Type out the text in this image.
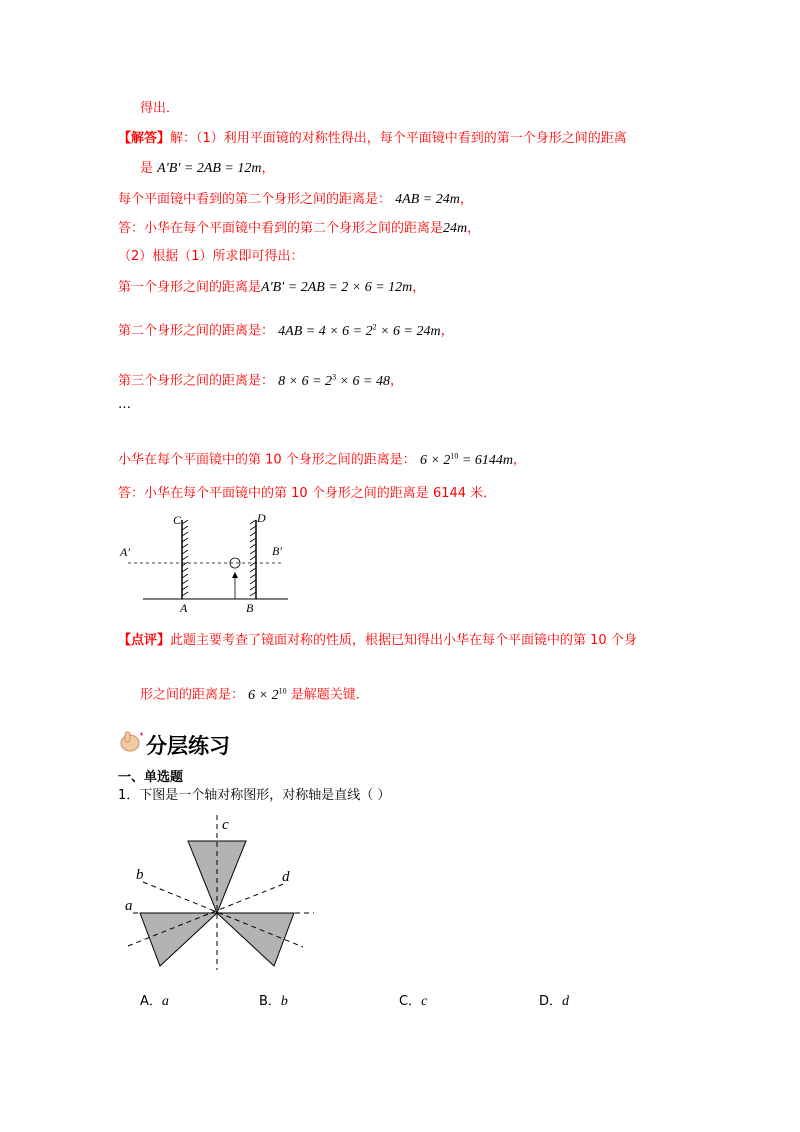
得出．
【解答】解：（1）利用平面镜的对称性得出，每个平面镜中看到的第一个身形之间的距离
是 A′B′ = 2AB = 12m，
每个平面镜中看到的第二个身形之间的距离是： 4AB = 24m，
答：小华在每个平面镜中看到的第二个身形之间的距离是24m，
（2）根据（1）所求即可得出：
第一个身形之间的距离是A′B′ = 2AB = 2 × 6 = 12m，
第二个身形之间的距离是： $4AB = 4 \times 6 = 2^2 \times 6 = 24m$，
第三个身形之间的距离是： $8 \times 6 = 2^3 \times 6 = 48$，
…
小华在每个平面镜中的第 10 个身形之间的距离是： $6 \times 2^{10} = 6144m$，
答：小华在每个平面镜中的第 10 个身形之间的距离是 6144 米．
C	D
A′	B′
A	B
【点评】此题主要考查了镜面对称的性质，根据已知得出小华在每个平面镜中的第 10 个身
形之间的距离是： $6 \times 2^{10}$ 是解题关键．
分层练习
一、单选题
1．下图是一个轴对称图形，对称轴是直线（ ）
c
b	d
a
A．a	B．b	C．c	D．d
